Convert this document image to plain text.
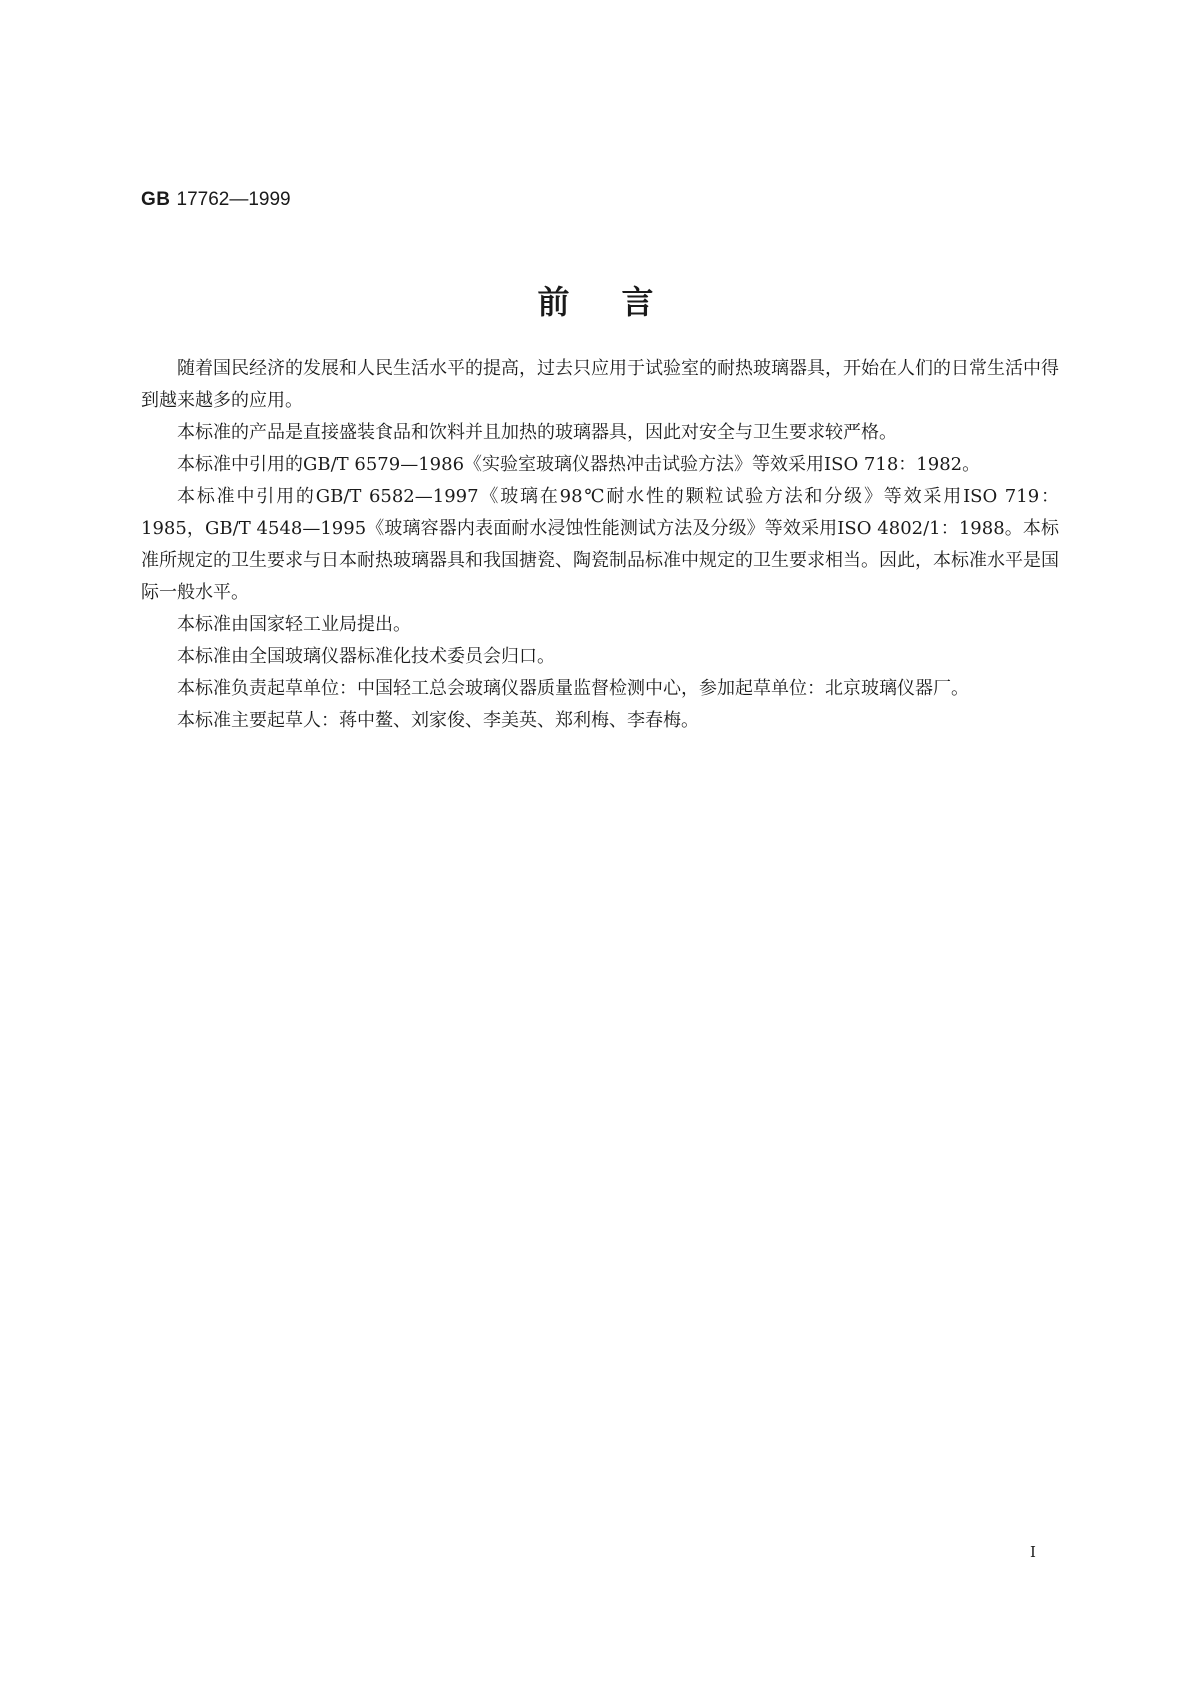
GB 17762—1999
前言

随着国民经济的发展和人民生活水平的提高，过去只应用于试验室的耐热玻璃器具，开始在人们的日常生活中得到越来越多的应用。

本标准的产品是直接盛装食品和饮料并且加热的玻璃器具，因此对安全与卫生要求较严格。

本标准中引用的GB/T 6579—1986《实验室玻璃仪器热冲击试验方法》等效采用ISO 718：1982。

本标准中引用的GB/T 6582—1997《玻璃在98℃耐水性的颗粒试验方法和分级》等效采用ISO 719：1985，GB/T 4548—1995《玻璃容器内表面耐水浸蚀性能测试方法及分级》等效采用ISO 4802/1：1988。本标准所规定的卫生要求与日本耐热玻璃器具和我国搪瓷、陶瓷制品标准中规定的卫生要求相当。因此，本标准水平是国际一般水平。

本标准由国家轻工业局提出。

本标准由全国玻璃仪器标准化技术委员会归口。

本标准负责起草单位：中国轻工总会玻璃仪器质量监督检测中心，参加起草单位：北京玻璃仪器厂。

本标准主要起草人：蒋中鳌、刘家俊、李美英、郑利梅、李春梅。

Ⅰ
